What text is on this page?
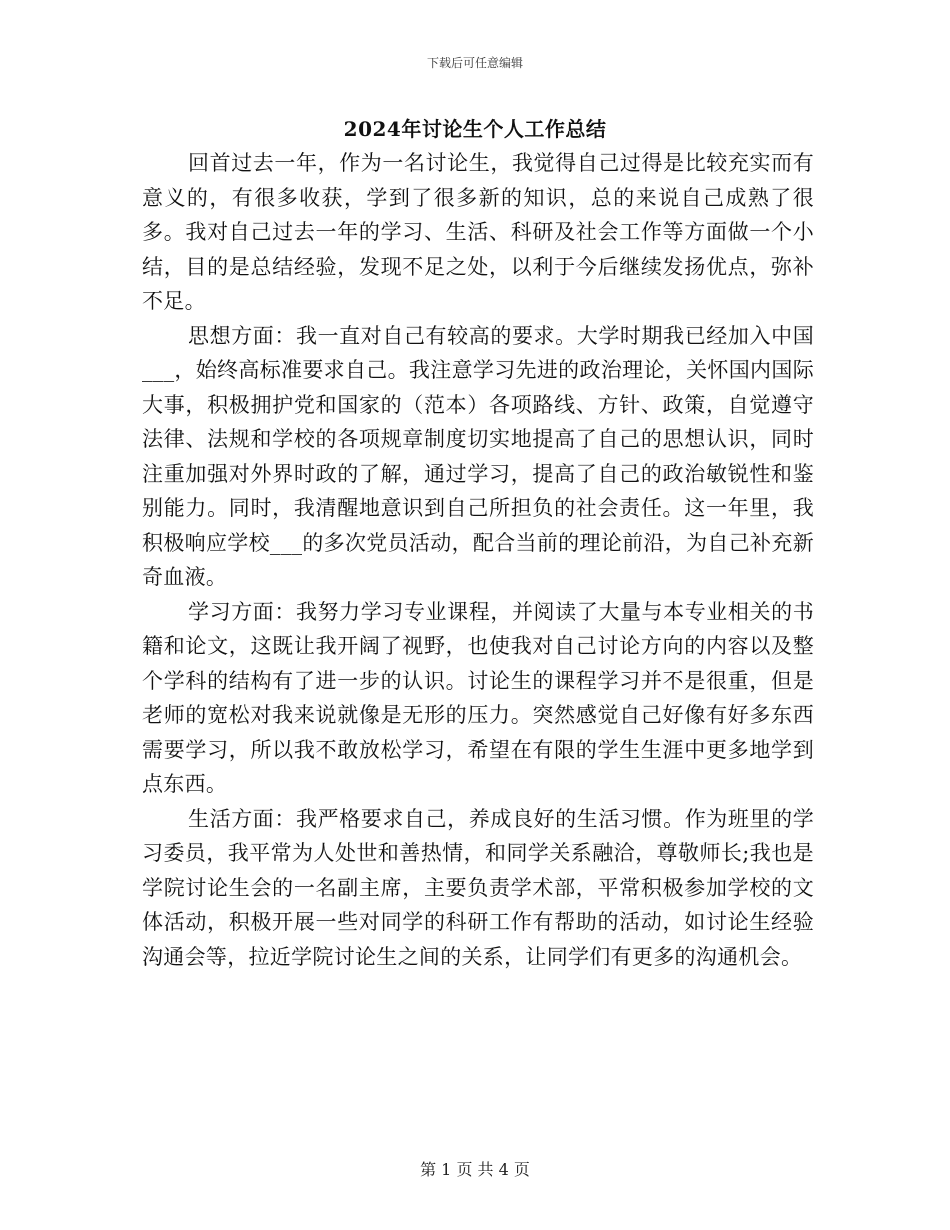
下载后可任意编辑
2024年讨论生个人工作总结

回首过去一年，作为一名讨论生，我觉得自己过得是比较充实而有意义的，有很多收获，学到了很多新的知识，总的来说自己成熟了很多。我对自己过去一年的学习、生活、科研及社会工作等方面做一个小结，目的是总结经验，发现不足之处，以利于今后继续发扬优点，弥补不足。

思想方面：我一直对自己有较高的要求。大学时期我已经加入中国___，始终高标准要求自己。我注意学习先进的政治理论，关怀国内国际大事，积极拥护党和国家的（范本）各项路线、方针、政策，自觉遵守法律、法规和学校的各项规章制度切实地提高了自己的思想认识，同时注重加强对外界时政的了解，通过学习，提高了自己的政治敏锐性和鉴别能力。同时，我清醒地意识到自己所担负的社会责任。这一年里，我积极响应学校___的多次党员活动，配合当前的理论前沿，为自己补充新奇血液。

学习方面：我努力学习专业课程，并阅读了大量与本专业相关的书籍和论文，这既让我开阔了视野，也使我对自己讨论方向的内容以及整个学科的结构有了进一步的认识。讨论生的课程学习并不是很重，但是老师的宽松对我来说就像是无形的压力。突然感觉自己好像有好多东西需要学习，所以我不敢放松学习，希望在有限的学生生涯中更多地学到点东西。

生活方面：我严格要求自己，养成良好的生活习惯。作为班里的学习委员，我平常为人处世和善热情，和同学关系融洽，尊敬师长;我也是学院讨论生会的一名副主席，主要负责学术部，平常积极参加学校的文体活动，积极开展一些对同学的科研工作有帮助的活动，如讨论生经验沟通会等，拉近学院讨论生之间的关系，让同学们有更多的沟通机会。

第 1 页 共 4 页
